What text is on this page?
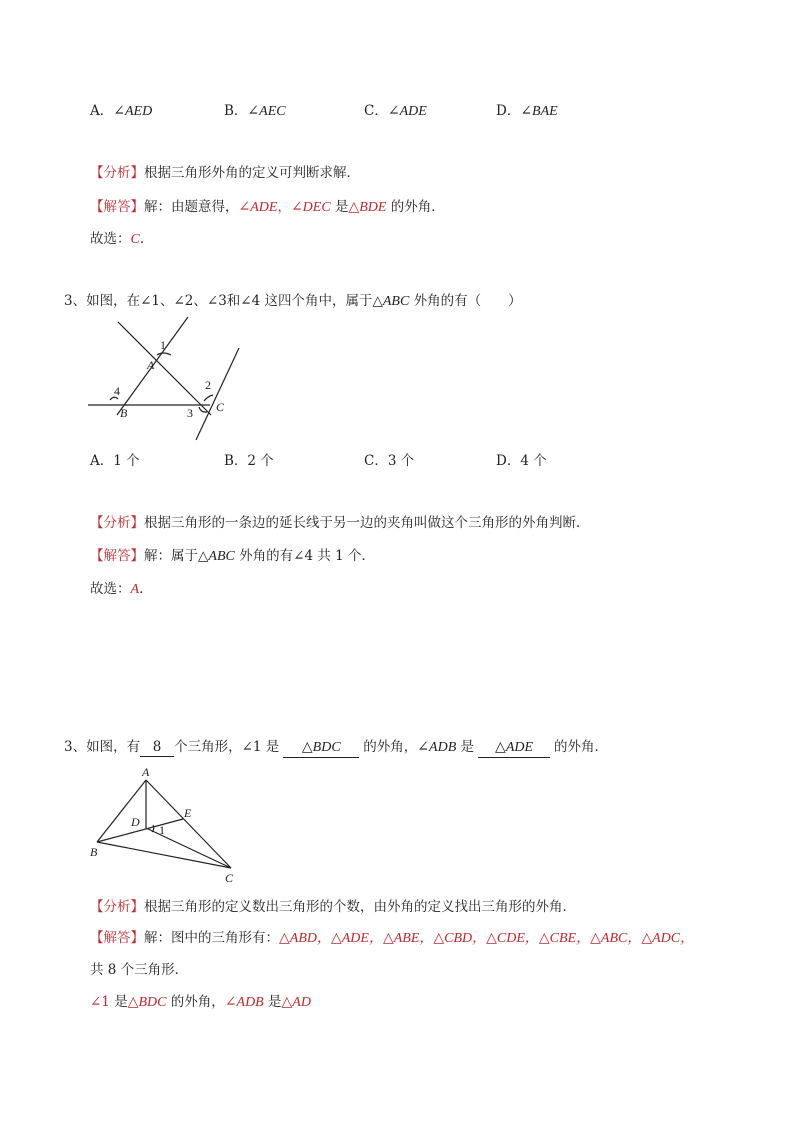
A．∠AED	B．∠AEC	C．∠ADE	D．∠BAE
【分析】根据三角形外角的定义可判断求解．
【解答】解：由题意得，∠ADE，∠DEC 是△BDE 的外角．
故选：C．
3、如图，在∠1、∠2、∠3和∠4 这四个角中，属于△ABC 外角的有（　　）
1
A
2
4
B	3 C
A．1 个	B．2 个	C．3 个	D．4 个
【分析】根据三角形的一条边的延长线于另一边的夹角叫做这个三角形的外角判断．
【解答】解：属于△ABC 外角的有∠4 共 1 个．
故选：A．
3、如图，有 8 个三角形，∠1 是 △BDC 的外角，∠ADB 是 △ADE 的外角．
A
E
D
1
B
C
【分析】根据三角形的定义数出三角形的个数，由外角的定义找出三角形的外角．
【解答】解：图中的三角形有：△ABD，△ADE，△ABE，△CBD，△CDE，△CBE，△ABC，△ADC，
共 8 个三角形．
∠1 是△BDC 的外角，∠ADB 是△AD
